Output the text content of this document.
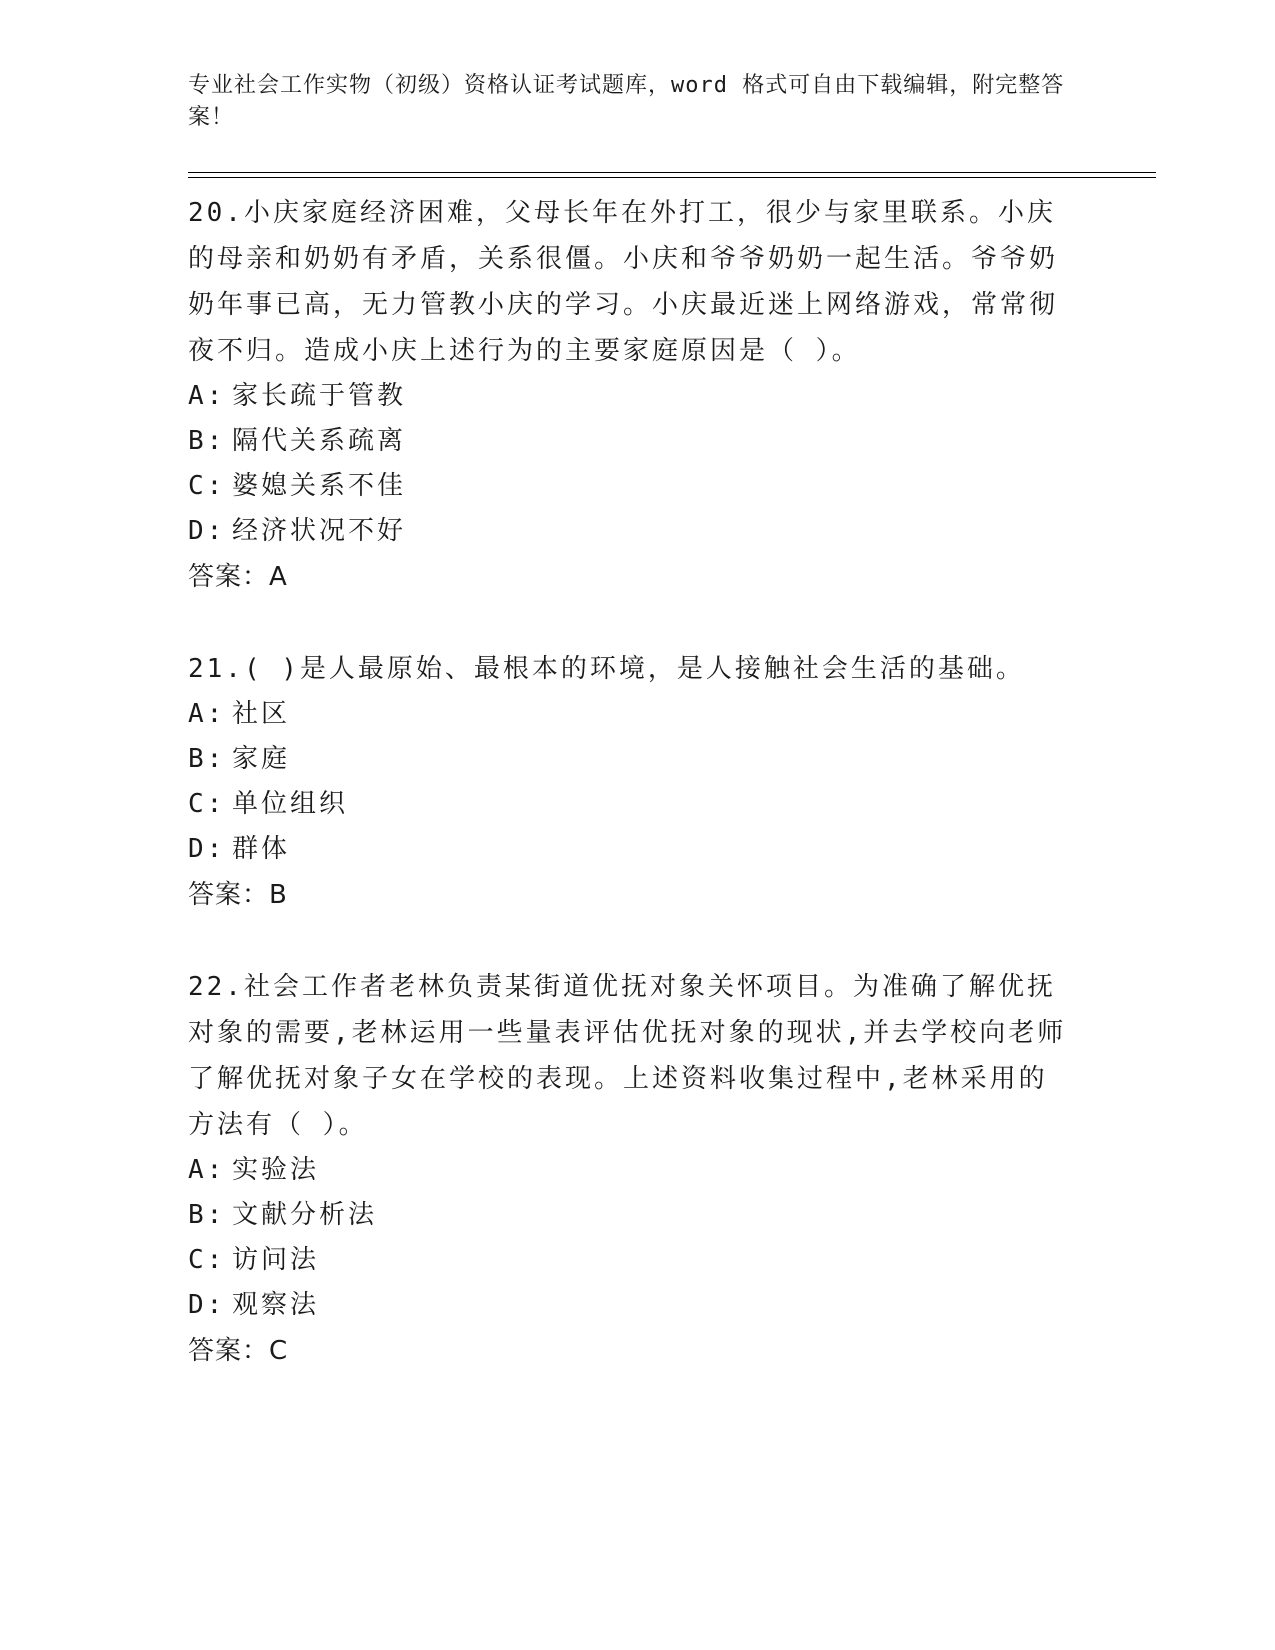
专业社会工作实物（初级）资格认证考试题库，word 格式可自由下载编辑，附完整答案！

20.小庆家庭经济困难，父母长年在外打工，很少与家里联系。小庆的母亲和奶奶有矛盾，关系很僵。小庆和爷爷奶奶一起生活。爷爷奶奶年事已高，无力管教小庆的学习。小庆最近迷上网络游戏，常常彻夜不归。造成小庆上述行为的主要家庭原因是（ ）。

A: 家长疏于管教
B: 隔代关系疏离
C: 婆媳关系不佳
D: 经济状况不好

答案：A

21.( )是人最原始、最根本的环境，是人接触社会生活的基础。

A: 社区
B: 家庭
C: 单位组织
D: 群体

答案：B

22.社会工作者老林负责某街道优抚对象关怀项目。为准确了解优抚对象的需要,老林运用一些量表评估优抚对象的现状,并去学校向老师了解优抚对象子女在学校的表现。上述资料收集过程中,老林采用的方法有（ ）。

A: 实验法
B: 文献分析法
C: 访问法
D: 观察法

答案：C
